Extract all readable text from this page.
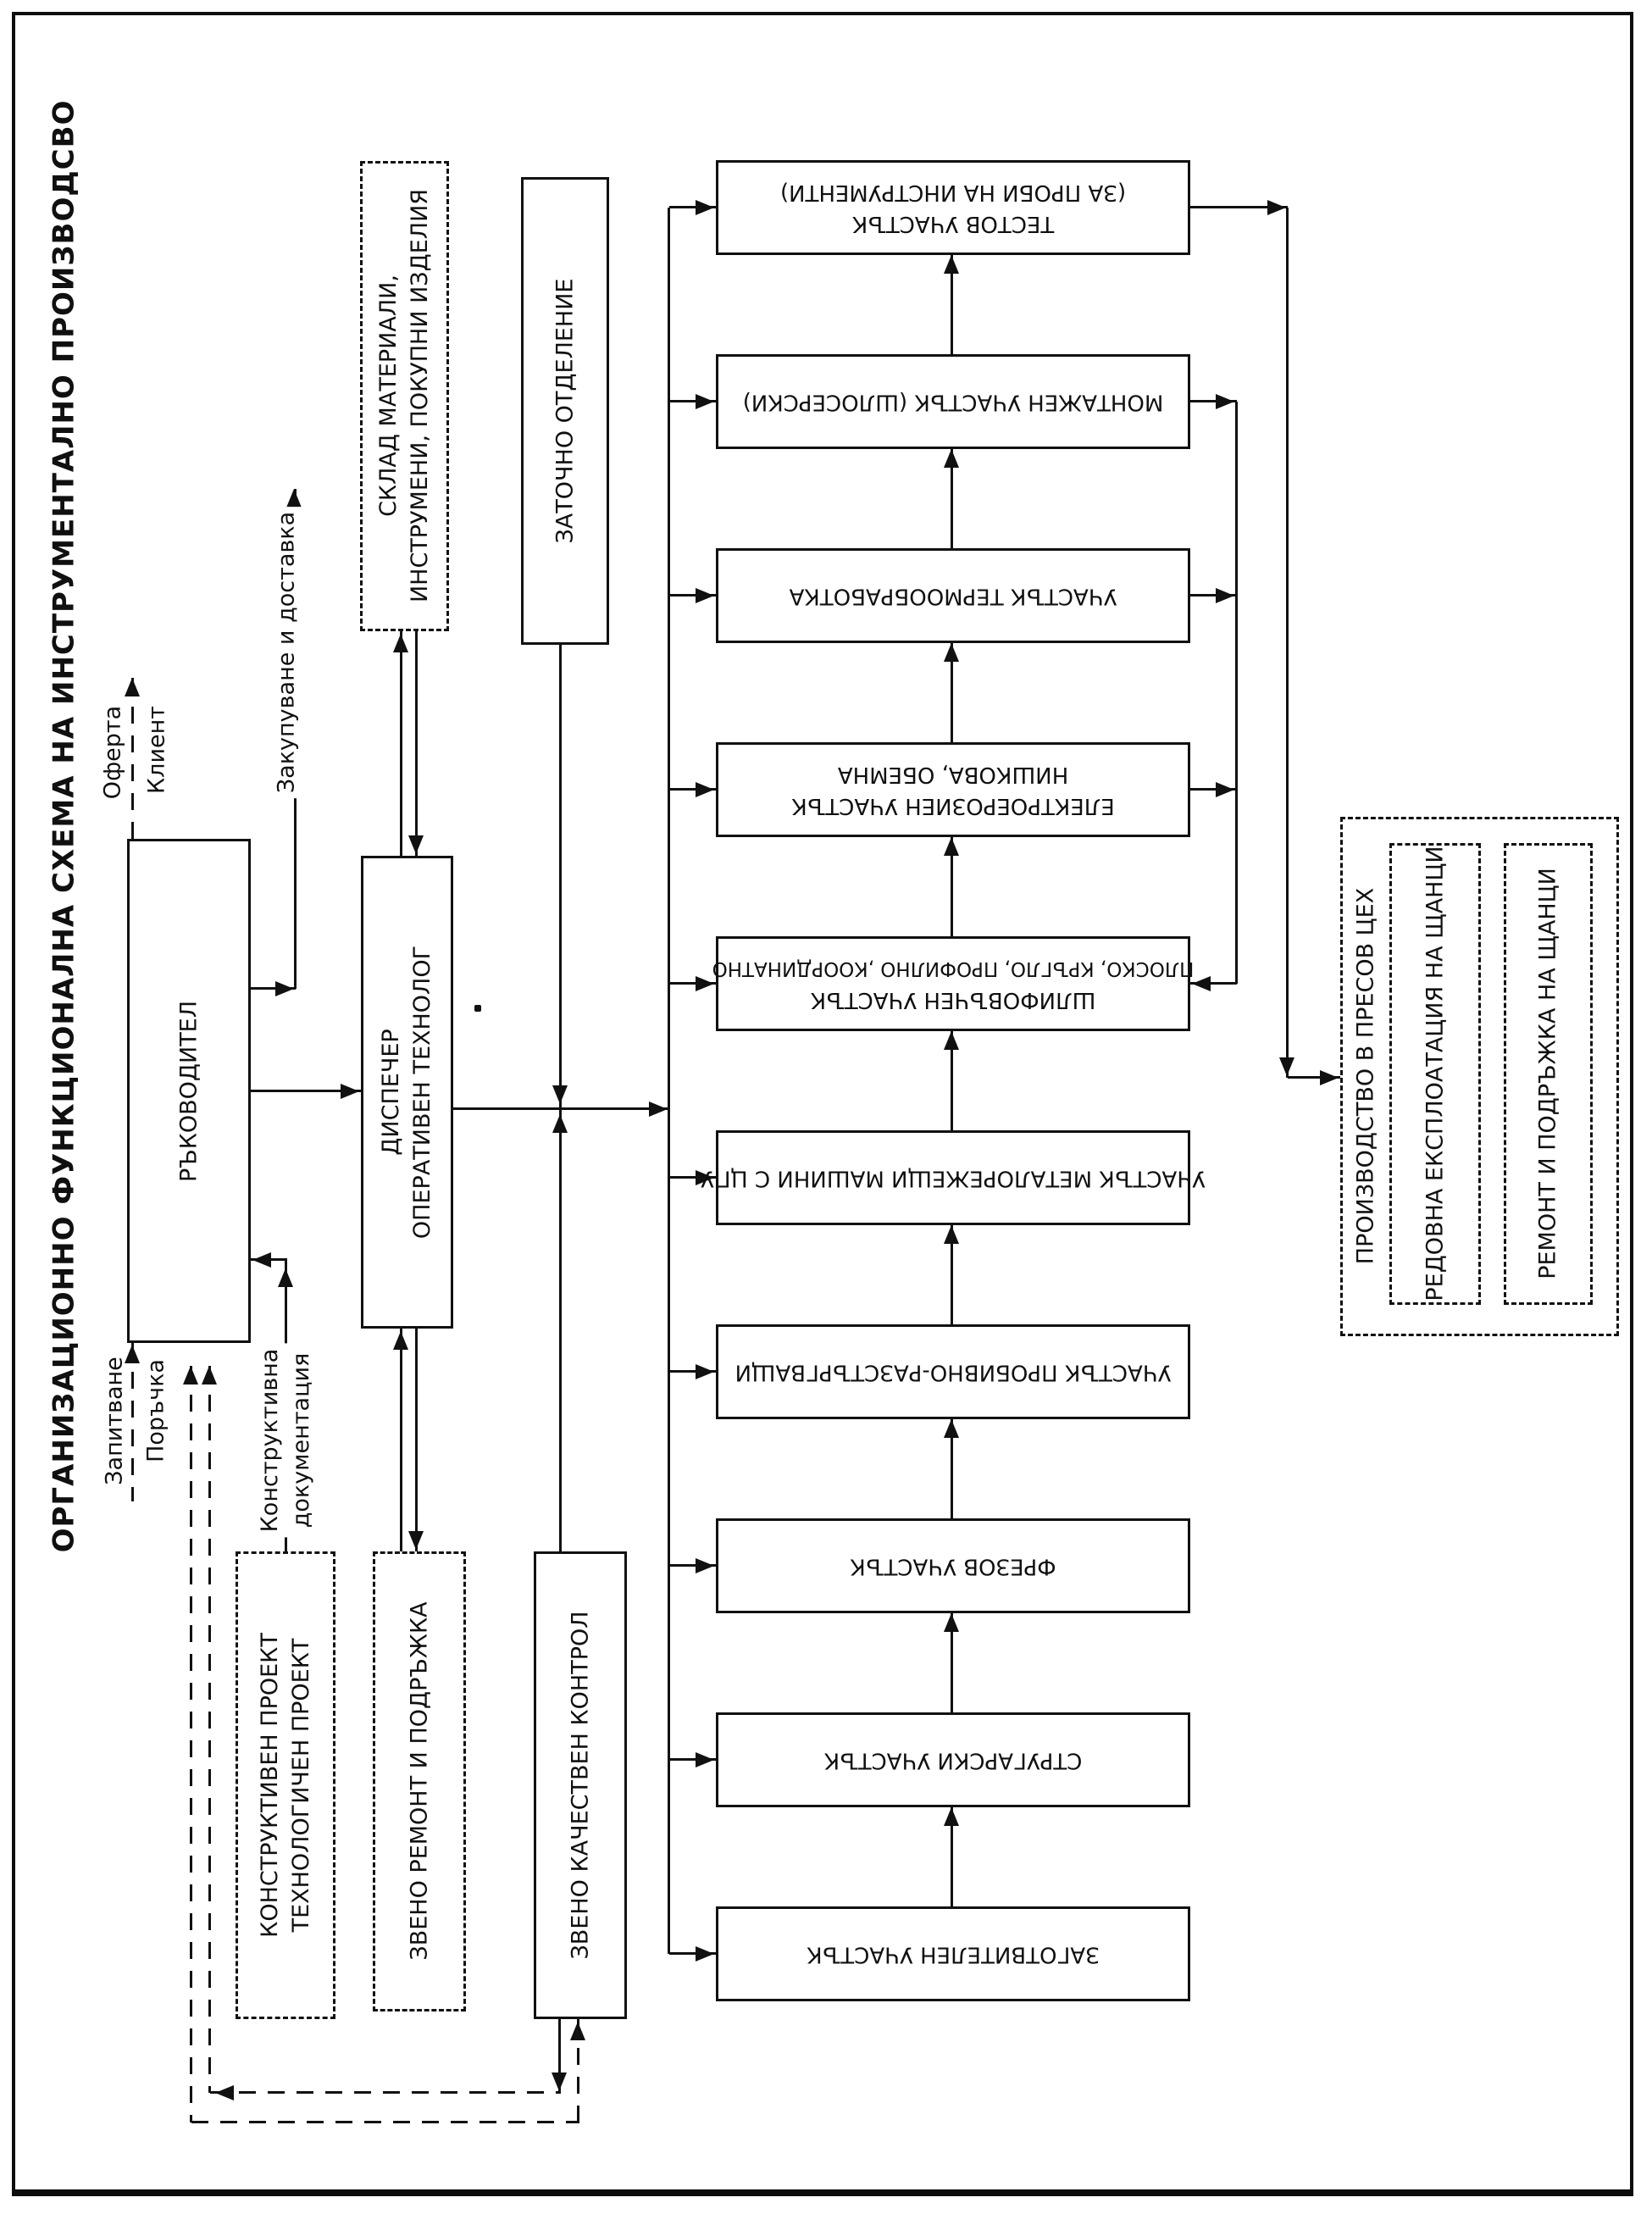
ОРГАНИЗАЦИОННО ФУНКЦИОНАЛНА СХЕМА НА ИНСТРУМЕНТАЛНО ПРОИЗВОДСВО	РЪКОВОДИТЕЛ
Оферта Клиент
Запитване Поръчка
Закупуване и доставка
СКЛАД МАТЕРИАЛИ, ИНСТРУМЕНИ, ПОКУПНИ ИЗДЕЛИЯ
ДИСПЕЧЕР ОПЕРАТИВЕН ТЕХНОЛОГ
Конструктивна документация
ЗАТОЧНО ОТДЕЛЕНИЕ
КОНСТРУКТИВЕН ПРОЕКТ ТЕХНОЛОГИЧЕН ПРОЕКТ	ЗВЕНО РЕМОНТ И ПОДРЪЖКА	ЗВЕНО КАЧЕСТВЕН КОНТРОЛ
ТЕСТОВ УЧАСТЪК
(ЗА ПРОБИ НА ИНСТРУМЕНТИ)
МОНТАЖЕН УЧАСТЪК (ШЛОСЕРСКИ)
УЧАСТЪК ТЕРМООБРАБОТКА
ЕЛЕКТРОЕРОЗИЕН УЧАСТЪК
НИШКОВА, ОБЕМНА
ШЛИФОВЪЧЕН УЧАСТЪК
ПЛОСКО, КРЪГЛО, ПРОФИЛНО ,КООРДИНАТНО
УЧАСТЪК МЕТАЛОРЕЖЕЩИ МАШИНИ С ЦПУ
УЧАСТЪК ПРОБИВНО-РАЗСТЪРГВАЩИ
ФРЕЗОВ УЧАСТЪК
СТРУГАРСКИ УЧАСТЪК
ЗАГОТВИТЕЛЕН УЧАСТЪК
ПРОИЗВОДСТВО В ПРЕСОВ ЦЕХ РЕДОВНА ЕКСПЛОАТАЦИЯ НА ЩАНЦИ	РЕМОНТ И ПОДРЪЖКА НА ЩАНЦИ
